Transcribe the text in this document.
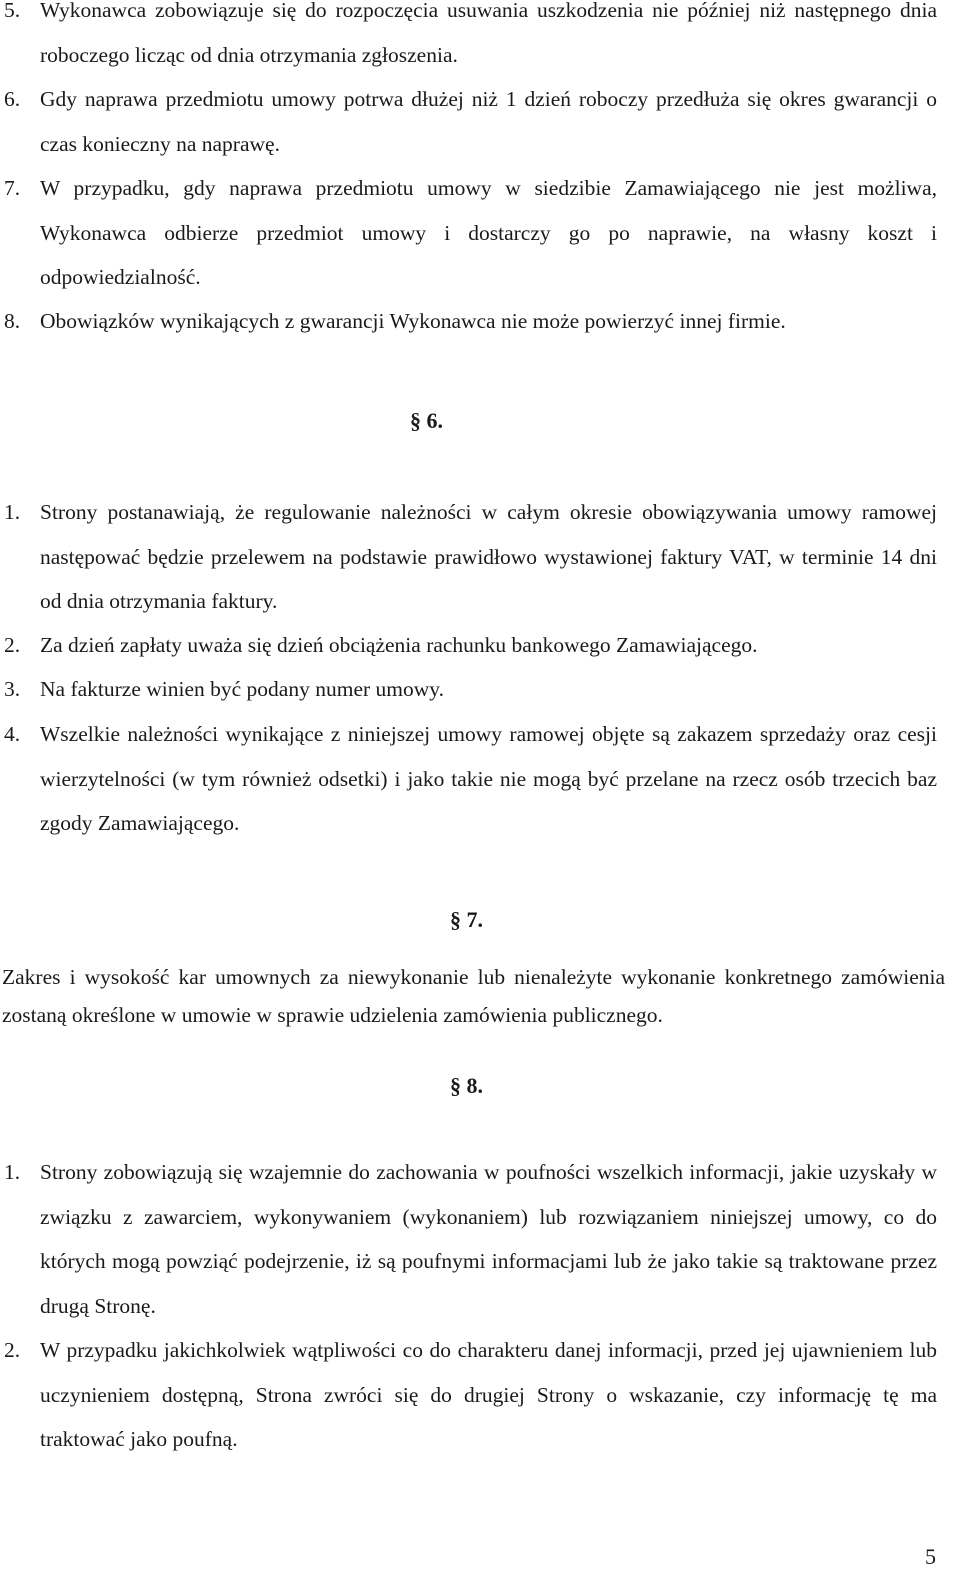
5. Wykonawca zobowiązuje się do rozpoczęcia usuwania uszkodzenia nie później niż następnego dnia roboczego licząc od dnia otrzymania zgłoszenia.
6. Gdy naprawa przedmiotu umowy potrwa dłużej niż 1 dzień roboczy przedłuża się okres gwarancji o czas konieczny na naprawę.
7. W przypadku, gdy naprawa przedmiotu umowy w siedzibie Zamawiającego nie jest możliwa, Wykonawca odbierze przedmiot umowy i dostarczy go po naprawie, na własny koszt i odpowiedzialność.
8. Obowiązków wynikających z gwarancji Wykonawca nie może powierzyć innej firmie.
§ 6.
1. Strony postanawiają, że regulowanie należności w całym okresie obowiązywania umowy ramowej następować będzie przelewem na podstawie prawidłowo wystawionej faktury VAT, w terminie 14 dni od dnia otrzymania faktury.
2. Za dzień zapłaty uważa się dzień obciążenia rachunku bankowego Zamawiającego.
3. Na fakturze winien być podany numer umowy.
4. Wszelkie należności wynikające z niniejszej umowy ramowej objęte są zakazem sprzedaży oraz cesji wierzytelności (w tym również odsetki) i jako takie nie mogą być przelane na rzecz osób trzecich baz zgody Zamawiającego.
§ 7.
Zakres i wysokość kar umownych za niewykonanie lub nienależyte wykonanie konkretnego zamówienia zostaną określone w umowie w sprawie udzielenia zamówienia publicznego.
§ 8.
1. Strony zobowiązują się wzajemnie do zachowania w poufności wszelkich informacji, jakie uzyskały w związku z zawarciem, wykonywaniem (wykonaniem) lub rozwiązaniem niniejszej umowy, co do których mogą powziąć podejrzenie, iż są poufnymi informacjami lub że jako takie są traktowane przez drugą Stronę.
2. W przypadku jakichkolwiek wątpliwości co do charakteru danej informacji, przed jej ujawnieniem lub uczynieniem dostępną, Strona zwróci się do drugiej Strony o wskazanie, czy informację tę ma traktować jako poufną.
5
